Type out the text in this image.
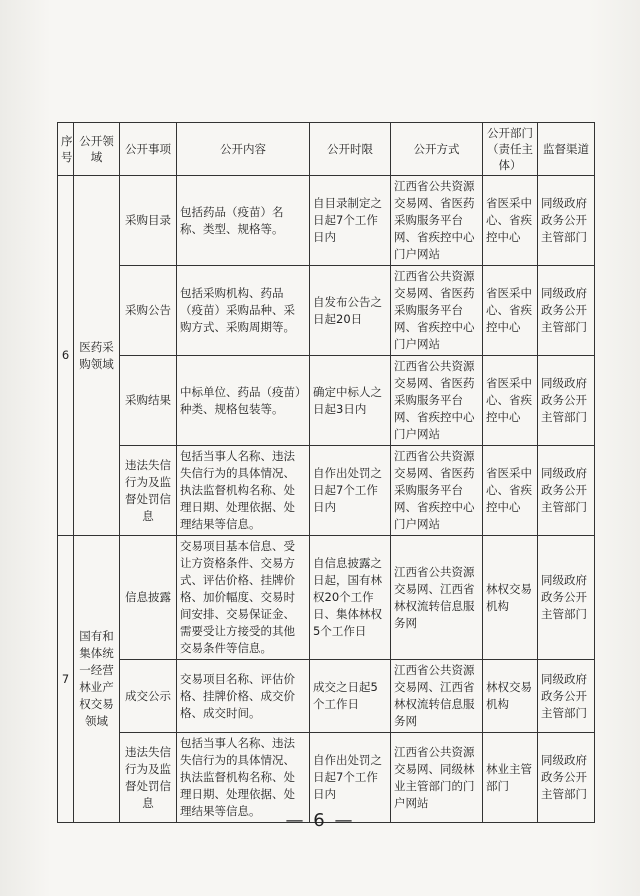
序号	公开领域	公开事项	公开内容	公开时限	公开方式	公开部门（责任主体）	监督渠道
6	医药采购领域	采购目录	包括药品（疫苗）名称、类型、规格等。	自目录制定之日起7个工作日内	江西省公共资源交易网、省医药采购服务平台网、省疾控中心门户网站	省医采中心、省疾控中心	同级政府政务公开主管部门
		采购公告	包括采购机构、药品（疫苗）采购品种、采购方式、采购周期等。	自发布公告之日起20日	江西省公共资源交易网、省医药采购服务平台网、省疾控中心门户网站	省医采中心、省疾控中心	同级政府政务公开主管部门
		采购结果	中标单位、药品（疫苗）种类、规格包装等。	确定中标人之日起3日内	江西省公共资源交易网、省医药采购服务平台网、省疾控中心门户网站	省医采中心、省疾控中心	同级政府政务公开主管部门
		违法失信行为及监督处罚信息	包括当事人名称、违法失信行为的具体情况、执法监督机构名称、处理日期、处理依据、处理结果等信息。	自作出处罚之日起7个工作日内	江西省公共资源交易网、省医药采购服务平台网、省疾控中心门户网站	省医采中心、省疾控中心	同级政府政务公开主管部门
7	国有和集体统一经营林业产权交易领域	信息披露	交易项目基本信息、受让方资格条件、交易方式、评估价格、挂牌价格、加价幅度、交易时间安排、交易保证金、需要受让方接受的其他交易条件等信息。	自信息披露之日起，国有林权20个工作日、集体林权5个工作日	江西省公共资源交易网、江西省林权流转信息服务网	林权交易机构	同级政府政务公开主管部门
		成交公示	交易项目名称、评估价格、挂牌价格、成交价格、成交时间。	成交之日起5个工作日	江西省公共资源交易网、江西省林权流转信息服务网	林权交易机构	同级政府政务公开主管部门
		违法失信行为及监督处罚信息	包括当事人名称、违法失信行为的具体情况、执法监督机构名称、处理日期、处理依据、处理结果等信息。	自作出处罚之日起7个工作日内	江西省公共资源交易网、同级林业主管部门的门户网站	林业主管部门	同级政府政务公开主管部门
— 6 —
